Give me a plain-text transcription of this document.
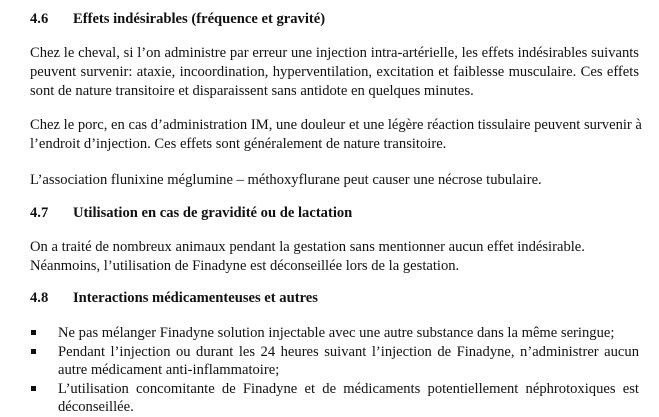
4.6 Effets indésirables (fréquence et gravité)
Chez le cheval, si l’on administre par erreur une injection intra-artérielle, les effets indésirables suivants
peuvent survenir: ataxie, incoordination, hyperventilation, excitation et faiblesse musculaire. Ces effets
sont de nature transitoire et disparaissent sans antidote en quelques minutes.
Chez le porc, en cas d’administration IM, une douleur et une légère réaction tissulaire peuvent survenir à
l’endroit d’injection. Ces effets sont généralement de nature transitoire.
L’association flunixine méglumine – méthoxyflurane peut causer une nécrose tubulaire.
4.7 Utilisation en cas de gravidité ou de lactation
On a traité de nombreux animaux pendant la gestation sans mentionner aucun effet indésirable.
Néanmoins, l’utilisation de Finadyne est déconseillée lors de la gestation.
4.8 Interactions médicamenteuses et autres
Ne pas mélanger Finadyne solution injectable avec une autre substance dans la même seringue;
Pendant l’injection ou durant les 24 heures suivant l’injection de Finadyne, n’administrer aucun
autre médicament anti-inflammatoire;
L’utilisation concomitante de Finadyne et de médicaments potentiellement néphrotoxiques est
déconseillée.
